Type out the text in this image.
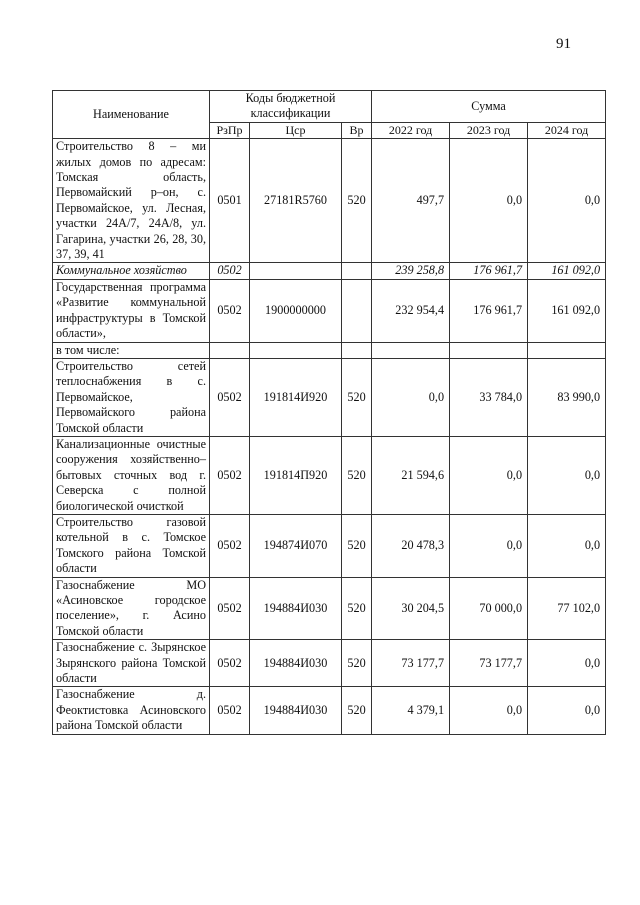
91
Наименование	Коды бюджетной классификации			Сумма		
	РзПр	Цср	Вр	2022 год	2023 год	2024 год
Строительство 8 – ми жилых домов по адресам: Томская область, Первомайский р–он, с. Первомайское, ул. Лесная, участки 24А/7, 24А/8, ул. Гагарина, участки 26, 28, 30, 37, 39, 41	0501	27181R5760	520	497,7	0,0	0,0
Коммунальное хозяйство	0502			239 258,8	176 961,7	161 092,0
Государственная программа «Развитие коммунальной инфраструктуры в Томской области»,	0502	1900000000		232 954,4	176 961,7	161 092,0
в том числе:						
Строительство сетей теплоснабжения в с. Первомайское, Первомайского района Томской области	0502	191814И920	520	0,0	33 784,0	83 990,0
Канализационные очистные сооружения хозяйственно–бытовых сточных вод г. Северска с полной биологической очисткой	0502	191814П920	520	21 594,6	0,0	0,0
Строительство газовой котельной в с. Томское Томского района Томской области	0502	194874И070	520	20 478,3	0,0	0,0
Газоснабжение МО «Асиновское городское поселение», г. Асино Томской области	0502	194884И030	520	30 204,5	70 000,0	77 102,0
Газоснабжение с. Зырянское Зырянского района Томской области	0502	194884И030	520	73 177,7	73 177,7	0,0
Газоснабжение д. Феоктистовка Асиновского района Томской области	0502	194884И030	520	4 379,1	0,0	0,0
